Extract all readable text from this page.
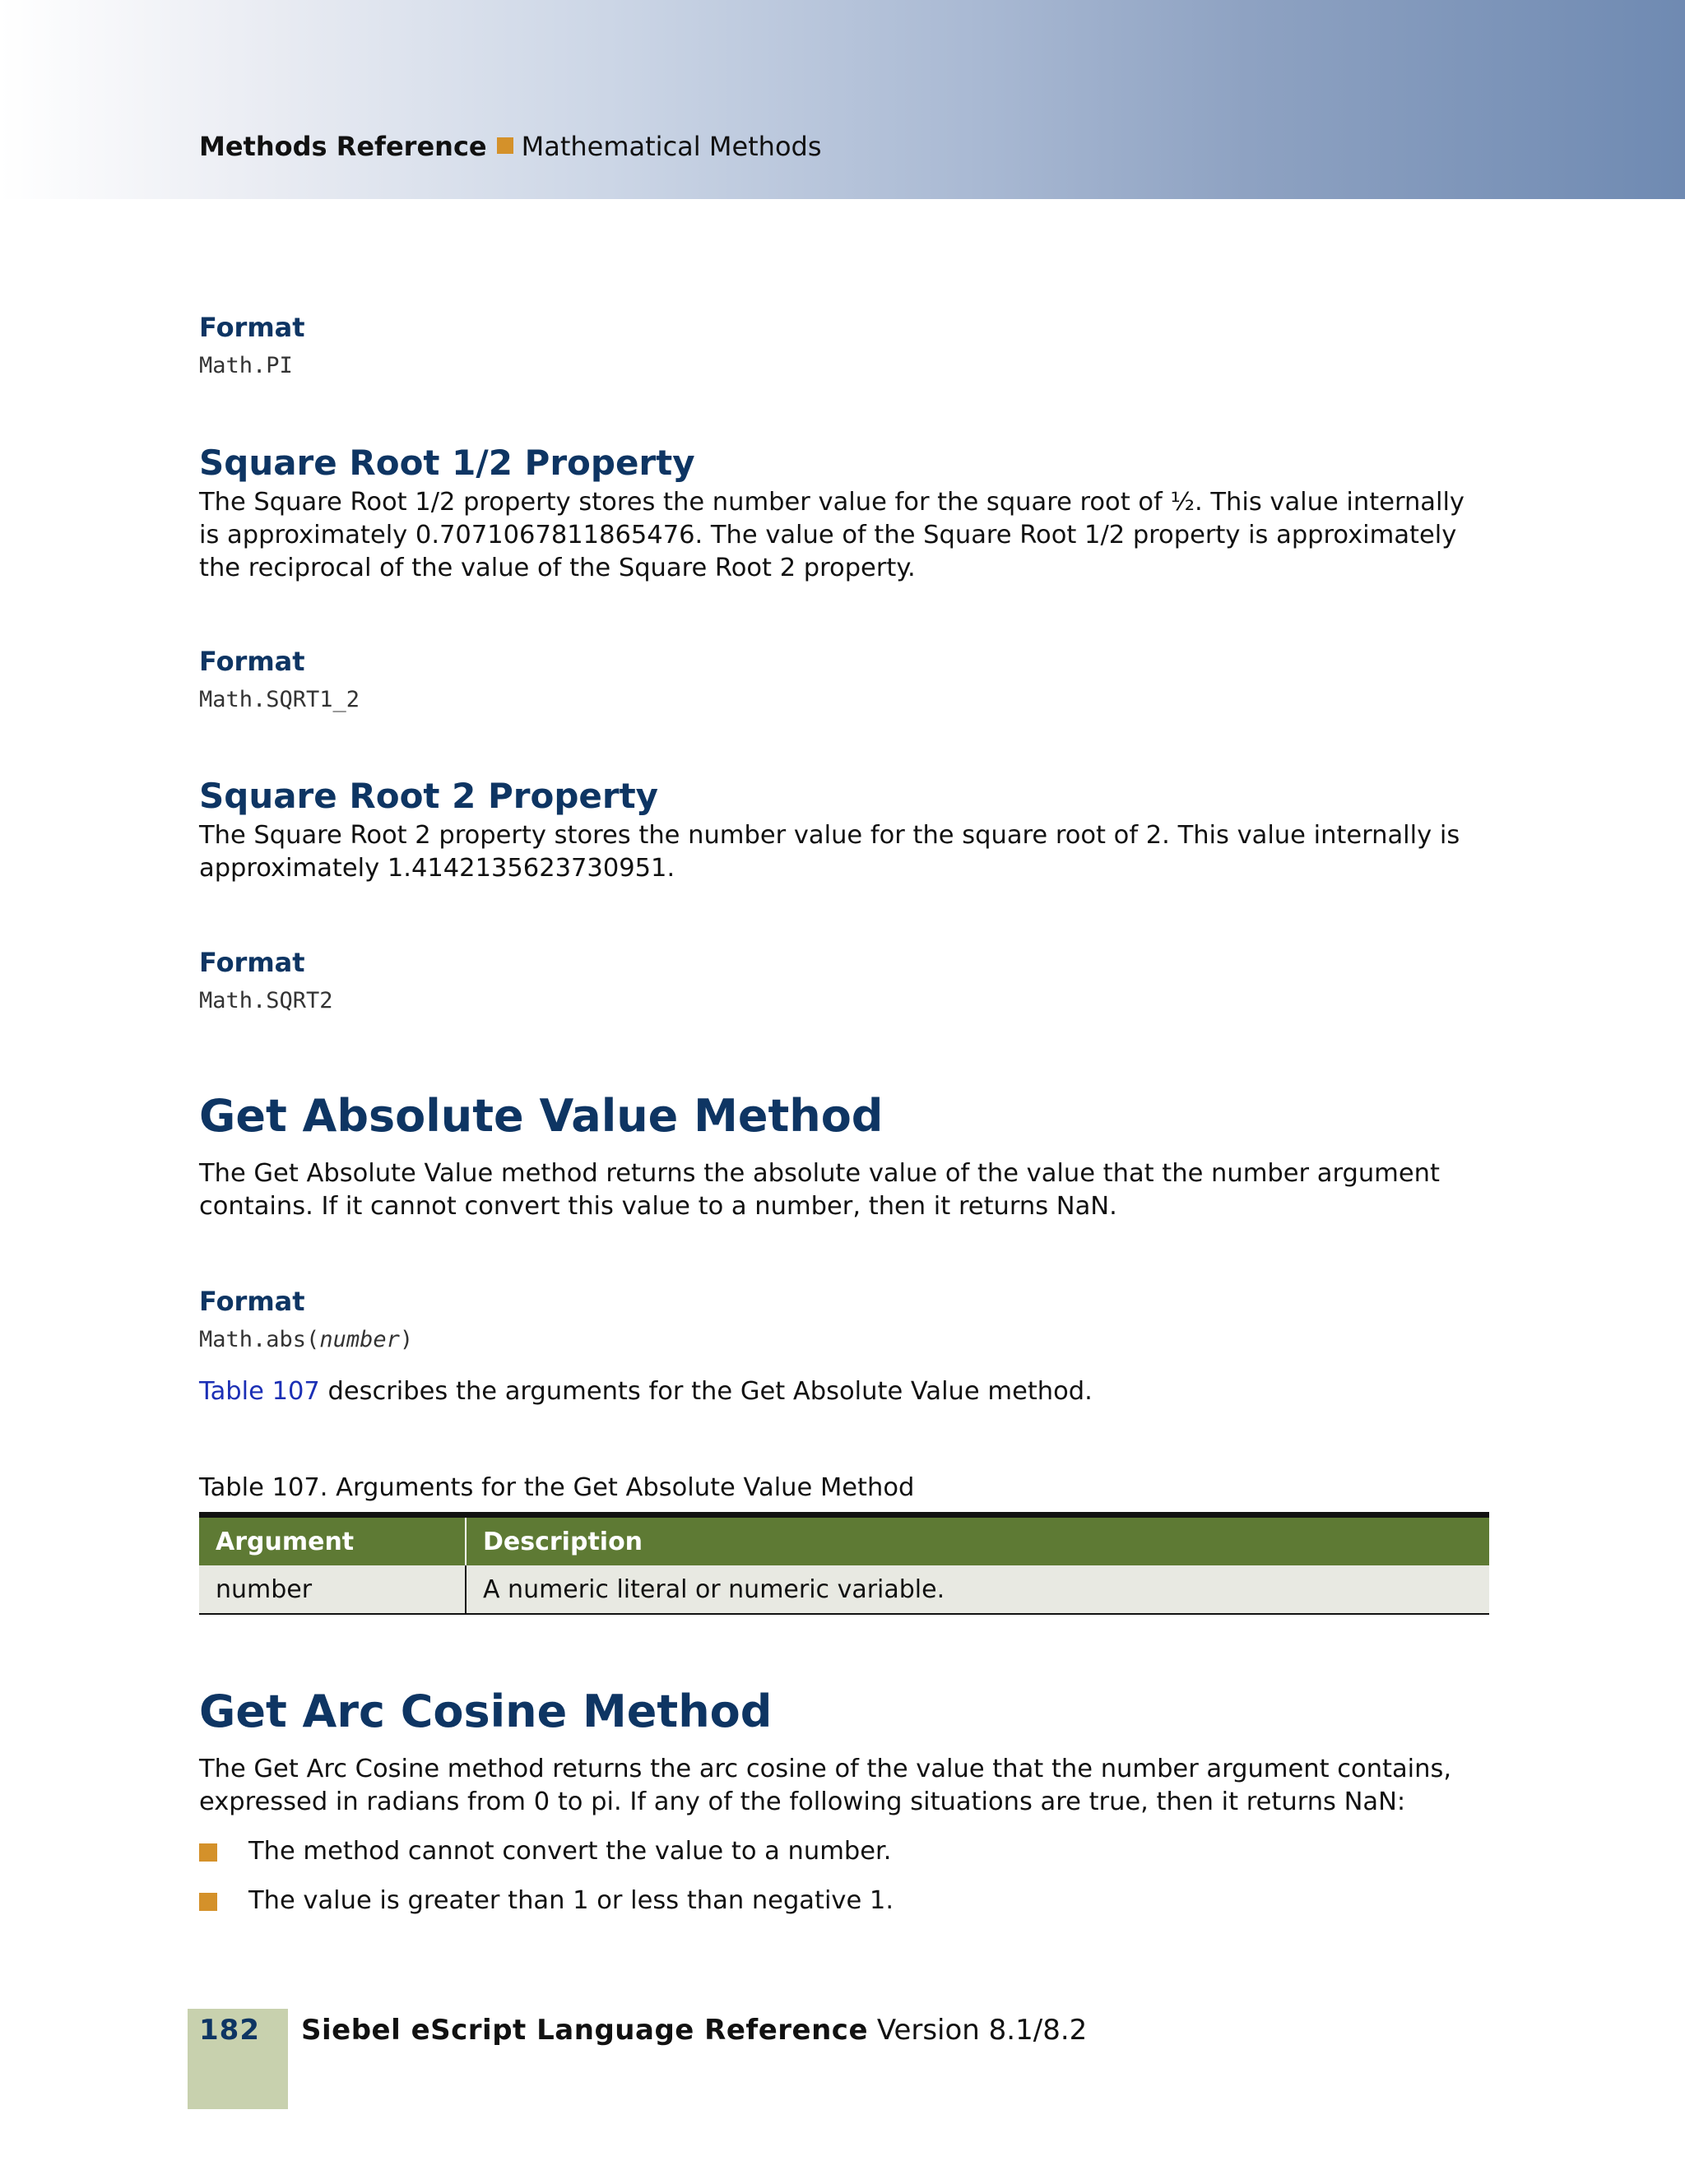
Methods Reference Mathematical Methods
Format
Math.PI
Square Root 1/2 Property
The Square Root 1/2 property stores the number value for the square root of ½. This value internally is approximately 0.7071067811865476. The value of the Square Root 1/2 property is approximately the reciprocal of the value of the Square Root 2 property.
Format
Math.SQRT1_2
Square Root 2 Property
The Square Root 2 property stores the number value for the square root of 2. This value internally is approximately 1.4142135623730951.
Format
Math.SQRT2
Get Absolute Value Method
The Get Absolute Value method returns the absolute value of the value that the number argument contains. If it cannot convert this value to a number, then it returns NaN.
Format
Math.abs(number)
Table 107 describes the arguments for the Get Absolute Value method.
Table 107. Arguments for the Get Absolute Value Method
Argument	Description
number	A numeric literal or numeric variable.
Get Arc Cosine Method
The Get Arc Cosine method returns the arc cosine of the value that the number argument contains, expressed in radians from 0 to pi. If any of the following situations are true, then it returns NaN:
The method cannot convert the value to a number.
The value is greater than 1 or less than negative 1.
182 Siebel eScript Language Reference Version 8.1/8.2
